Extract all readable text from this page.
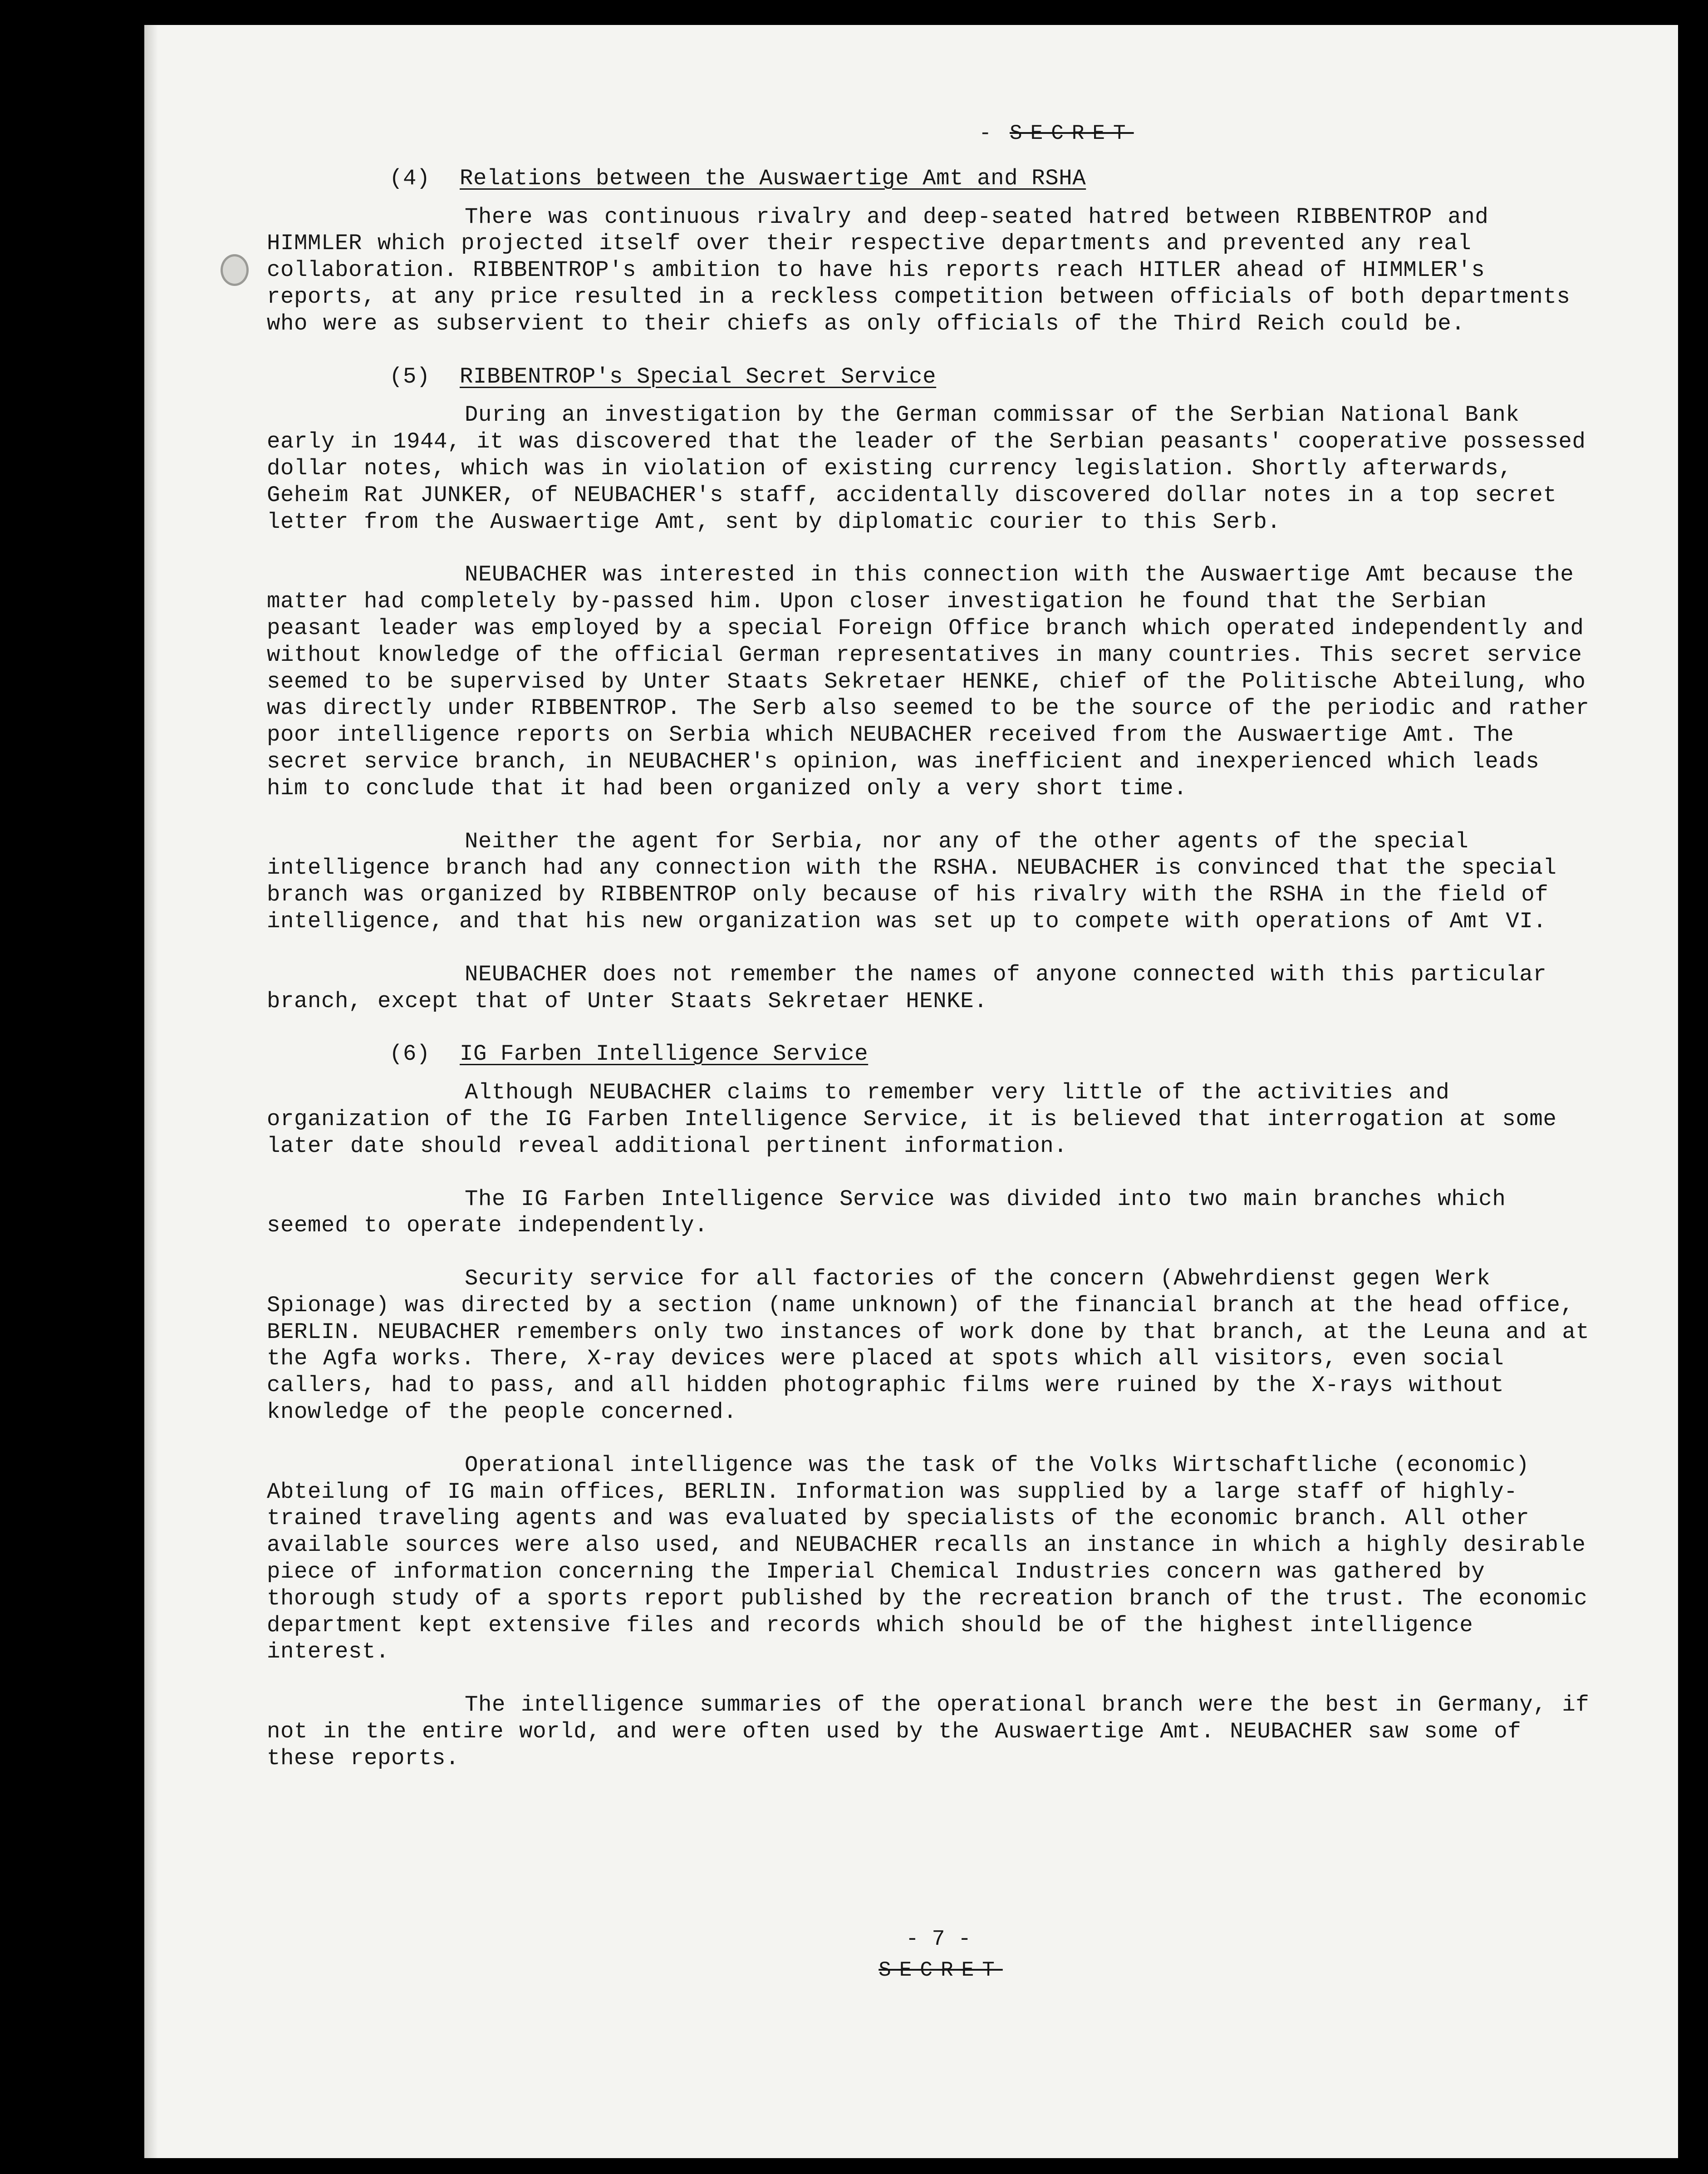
- SECRET
(4) Relations between the Auswaertige Amt and RSHA

There was continuous rivalry and deep-seated hatred between RIBBENTROP and HIMMLER which projected itself over their respective departments and prevented any real collaboration. RIBBENTROP's ambition to have his reports reach HITLER ahead of HIMMLER's reports, at any price resulted in a reckless competition between officials of both departments who were as subservient to their chiefs as only officials of the Third Reich could be.

(5) RIBBENTROP's Special Secret Service

During an investigation by the German commissar of the Serbian National Bank early in 1944, it was discovered that the leader of the Serbian peasants' cooperative possessed dollar notes, which was in violation of existing currency legislation. Shortly afterwards, Geheim Rat JUNKER, of NEUBACHER's staff, accidentally discovered dollar notes in a top secret letter from the Auswaertige Amt, sent by diplomatic courier to this Serb.

NEUBACHER was interested in this connection with the Auswaertige Amt because the matter had completely by-passed him. Upon closer investigation he found that the Serbian peasant leader was employed by a special Foreign Office branch which operated independently and without knowledge of the official German representatives in many countries. This secret service seemed to be supervised by Unter Staats Sekretaer HENKE, chief of the Politische Abteilung, who was directly under RIBBENTROP. The Serb also seemed to be the source of the periodic and rather poor intelligence reports on Serbia which NEUBACHER received from the Auswaertige Amt. The secret service branch, in NEUBACHER's opinion, was inefficient and inexperienced which leads him to conclude that it had been organized only a very short time.

Neither the agent for Serbia, nor any of the other agents of the special intelligence branch had any connection with the RSHA. NEUBACHER is convinced that the special branch was organized by RIBBENTROP only because of his rivalry with the RSHA in the field of intelligence, and that his new organization was set up to compete with operations of Amt VI.

NEUBACHER does not remember the names of anyone connected with this particular branch, except that of Unter Staats Sekretaer HENKE.

(6) IG Farben Intelligence Service

Although NEUBACHER claims to remember very little of the activities and organization of the IG Farben Intelligence Service, it is believed that interrogation at some later date should reveal additional pertinent information.

The IG Farben Intelligence Service was divided into two main branches which seemed to operate independently.

Security service for all factories of the concern (Abwehrdienst gegen Werk Spionage) was directed by a section (name unknown) of the financial branch at the head office, BERLIN. NEUBACHER remembers only two instances of work done by that branch, at the Leuna and at the Agfa works. There, X-ray devices were placed at spots which all visitors, even social callers, had to pass, and all hidden photographic films were ruined by the X-rays without knowledge of the people concerned.

Operational intelligence was the task of the Volks Wirtschaftliche (economic) Abteilung of IG main offices, BERLIN. Information was supplied by a large staff of highly-trained traveling agents and was evaluated by specialists of the economic branch. All other available sources were also used, and NEUBACHER recalls an instance in which a highly desirable piece of information concerning the Imperial Chemical Industries concern was gathered by thorough study of a sports report published by the recreation branch of the trust. The economic department kept extensive files and records which should be of the highest intelligence interest.

The intelligence summaries of the operational branch were the best in Germany, if not in the entire world, and were often used by the Auswaertige Amt. NEUBACHER saw some of these reports.

- 7 -
SECRET
